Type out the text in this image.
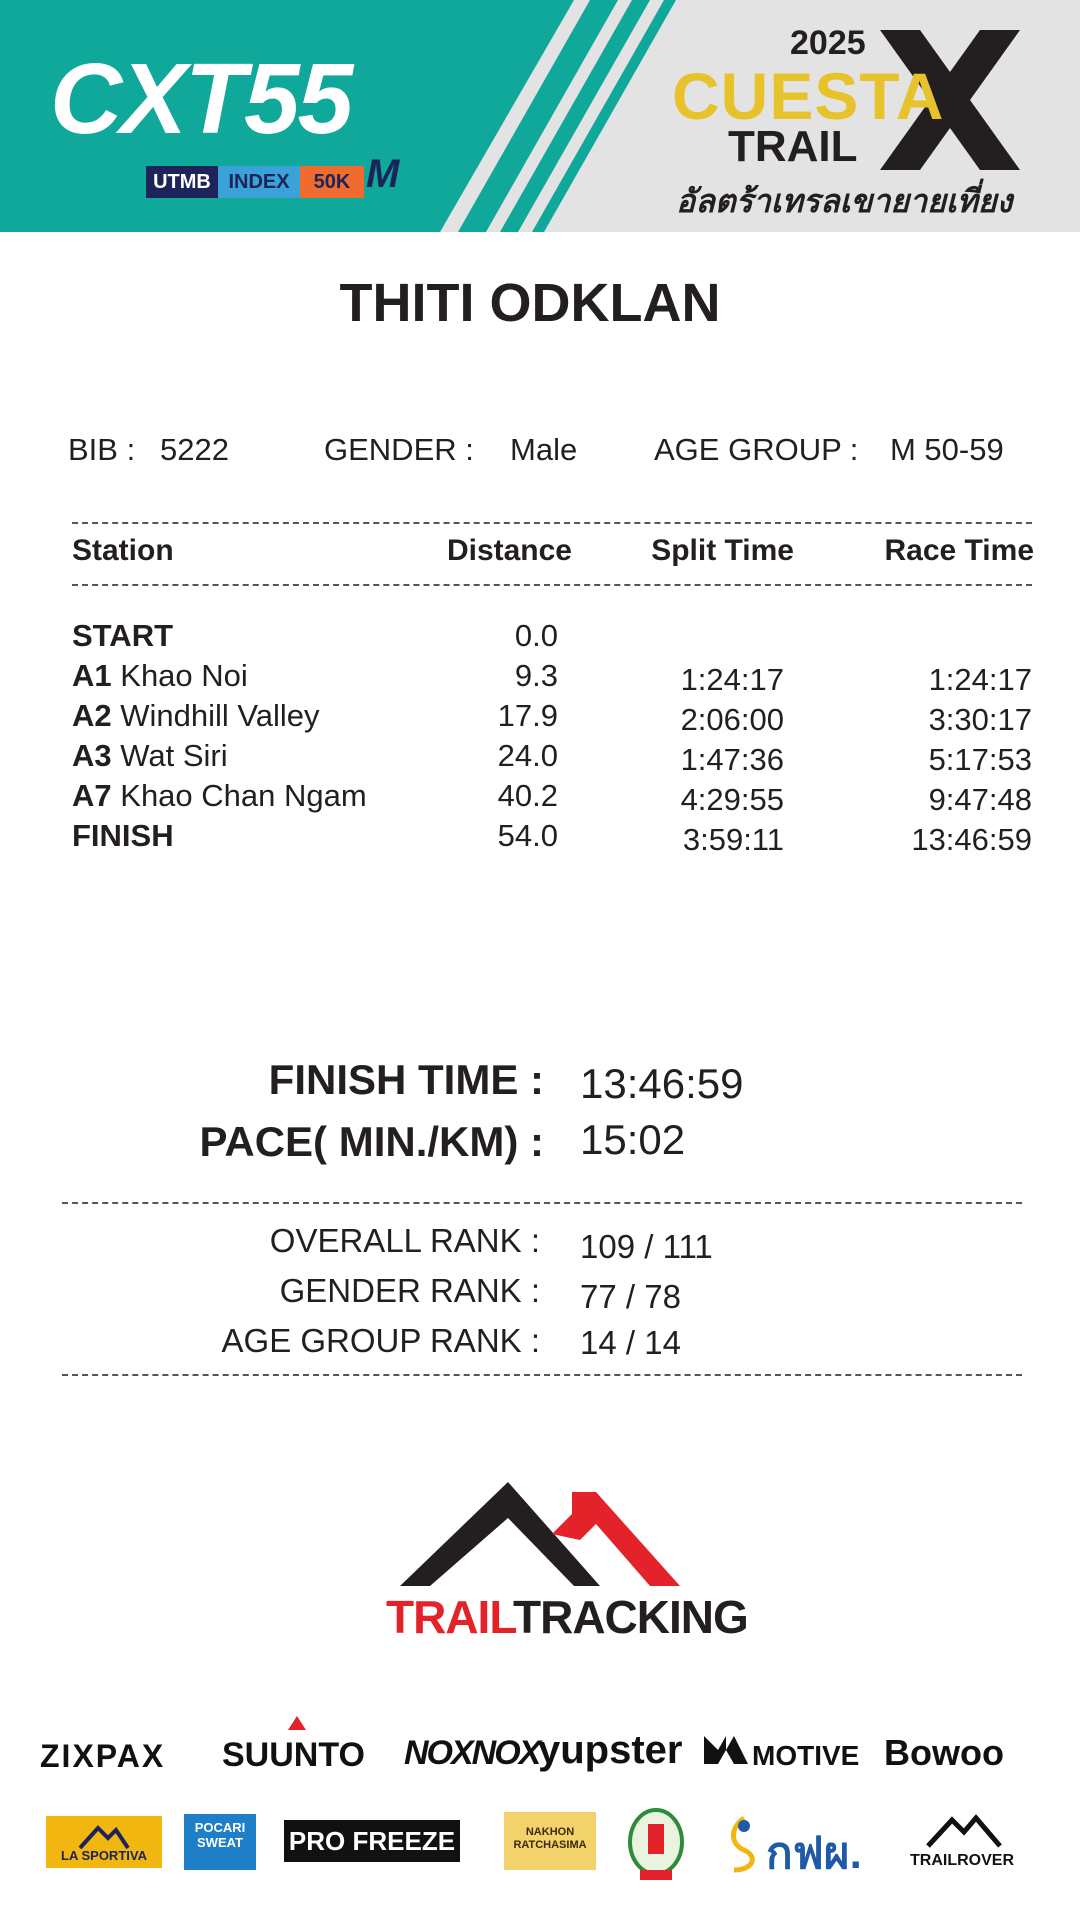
CXT55
UTMB INDEX	50K M
2025
CUESTA
TRAIL
อัลตร้าเทรลเขายายเที่ยง
THITI ODKLAN
BIB : 5222	GENDER : Male AGE GROUP : M 50-59
Station	Distance	Split Time	Race Time
START	0.0
A1 Khao Noi	9.3	1:24:17	1:24:17
A2 Windhill Valley	17.9	2:06:00	3:30:17
A3 Wat Siri	24.0	1:47:36	5:17:53
A7 Khao Chan Ngam	40.2	4:29:55	9:47:48
FINISH	54.0	3:59:11	13:46:59
FINISH TIME : 13:46:59
PACE( MIN./KM) : 15:02
OVERALL RANK : 109 / 111
GENDER RANK : 77 / 78
AGE GROUP RANK : 14 / 14
TRAILTRACKING
ZIXPAX SUUNTO NOXNOX
yupster MOTIVE Bowoo
LA SPORTIVA
POCARI SWEAT	PRO FREEZE	NAKHON RATCHASIMA	กฟผ.	TRAILROVER
